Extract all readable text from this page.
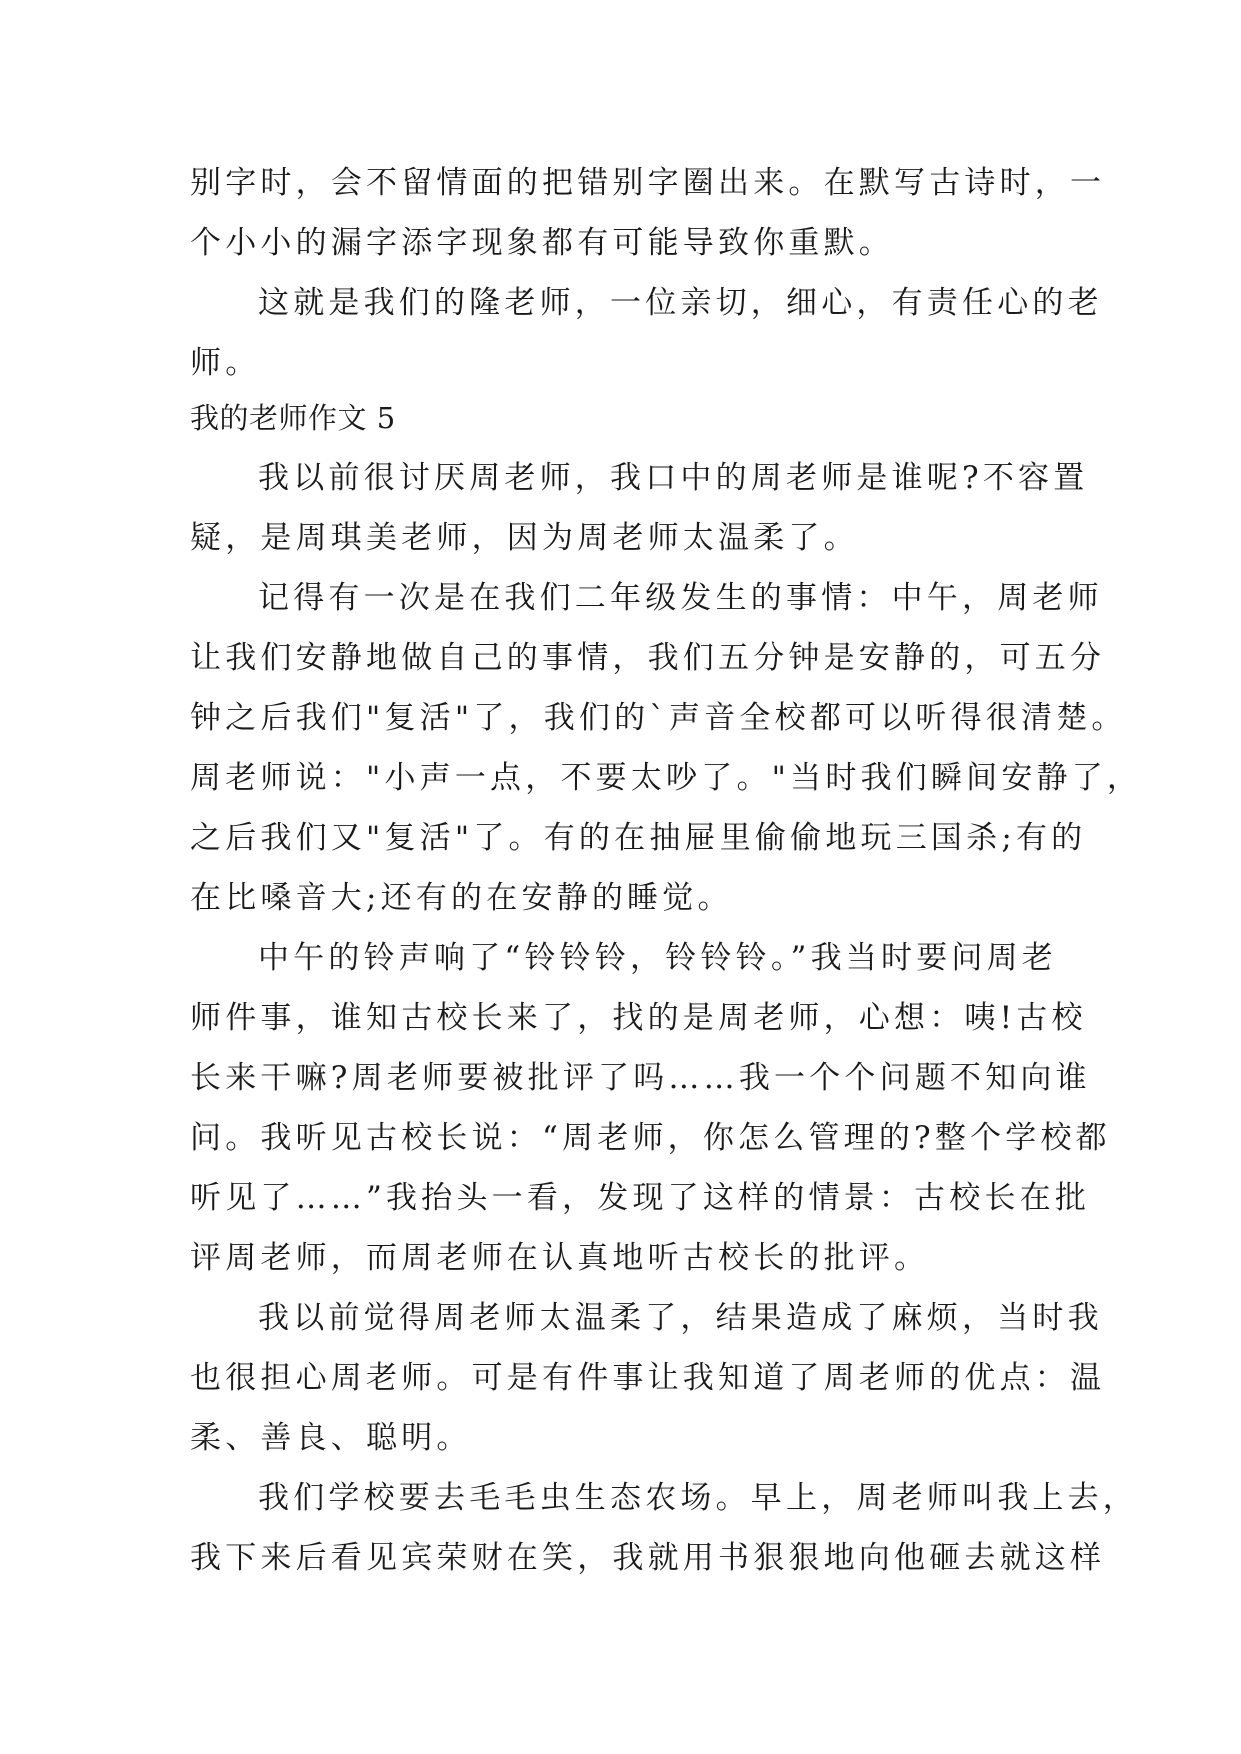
别字时，会不留情面的把错别字圈出来。在默写古诗时，一
个小小的漏字添字现象都有可能导致你重默。
这就是我们的隆老师，一位亲切，细心，有责任心的老
师。
我的老师作文 5
我以前很讨厌周老师，我口中的周老师是谁呢?不容置
疑，是周琪美老师，因为周老师太温柔了。
记得有一次是在我们二年级发生的事情：中午，周老师
让我们安静地做自己的事情，我们五分钟是安静的，可五分
钟之后我们"复活"了，我们的`声音全校都可以听得很清楚。
周老师说："小声一点，不要太吵了。"当时我们瞬间安静了，
之后我们又"复活"了。有的在抽屉里偷偷地玩三国杀;有的
在比嗓音大;还有的在安静的睡觉。
中午的铃声响了“铃铃铃，铃铃铃。”我当时要问周老
师件事，谁知古校长来了，找的是周老师，心想：咦!古校
长来干嘛?周老师要被批评了吗……我一个个问题不知向谁
问。我听见古校长说：“周老师，你怎么管理的?整个学校都
听见了……”我抬头一看，发现了这样的情景：古校长在批
评周老师，而周老师在认真地听古校长的批评。
我以前觉得周老师太温柔了，结果造成了麻烦，当时我
也很担心周老师。可是有件事让我知道了周老师的优点：温
柔、善良、聪明。
我们学校要去毛毛虫生态农场。早上，周老师叫我上去，
我下来后看见宾荣财在笑，我就用书狠狠地向他砸去就这样
